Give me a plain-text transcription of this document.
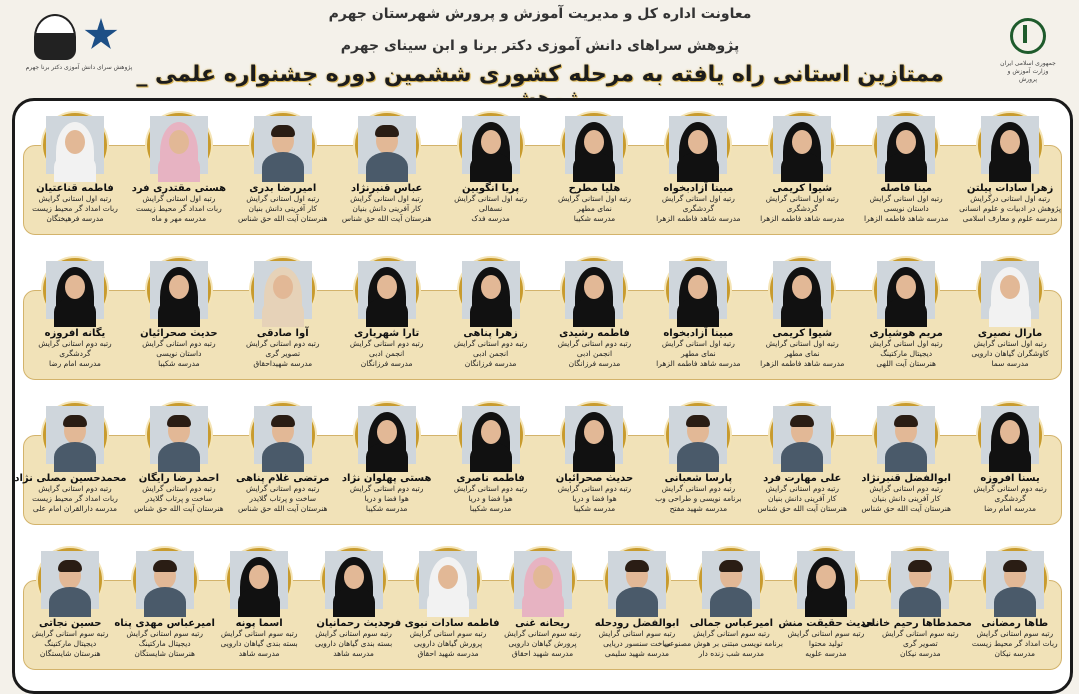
پژوهش سرای دانش آموزی دکتر برنا جهرم
معاونت اداره کل و مدیریت آموزش و پرورش شهرستان جهرم
پژوهش سراهای دانش آموزی دکتر برنا و ابن سینای جهرم
ممتازین استانی راه یافته به مرحله کشوری ششمین دوره جشنواره علمی _	جمهوری اسلامی ایران وزارت آموزش و پرورش
زهرا سادات پیلتن
رتبه اول استانی درگرایش
پژوهش در ادبیات و علوم انسانی
مدرسه علوم و معارف اسلامی
مینا فاصله
رتبه اول استانی گرایش
داستان نویسی
مدرسه شاهد فاطمه الزهرا
شیوا کریمی
رتبه اول استانی گرایش
گردشگری
مدرسه شاهد فاطمه الزهرا
مبینا آزادبخواه
رتبه اول استانی گرایش
گردشگری
مدرسه شاهد فاطمه الزهرا
هلیا مطرح
رتبه اول استانی گرایش
نمای مطهر
مدرسه شکیبا
پریا انگوبین
رتبه اول استانی گرایش
نسفالی
مدرسه فدک
عباس قنبرنژاد
رتبه اول استانی گرایش
کار آفرینی دانش بنیان
هنرستان آیت الله حق شناس
امیررضا بدری
رتبه اول استانی گرایش
کار آفرینی دانش بنیان
هنرستان آیت الله حق شناس
هستی مقتدری فرد
رتبه اول استانی گرایش
ربات امداد گر محیط زیست
مدرسه مهر و ماه
فاطمه قناعتیان
رتبه اول استانی گرایش
ربات امداد گر محیط زیست
مدرسه فرهیختگان
مارال نصیری
رتبه اول استانی گرایش
کاوشگران گیاهان دارویی
مدرسه سما
مریم هوشیاری
رتبه اول استانی گرایش
دیجیتال مارکتینگ
هنرستان آیت اللهی
شیوا کریمی
رتبه اول استانی گرایش
نمای مطهر
مدرسه شاهد فاطمه الزهرا
مبینا آزادبخواه
رتبه اول استانی گرایش
نمای مطهر
مدرسه شاهد فاطمه الزهرا
فاطمه رشیدی
رتبه دوم استانی گرایش
انجمن ادبی
مدرسه فرزانگان
زهرا پناهی
رتبه دوم استانی گرایش
انجمن ادبی
مدرسه فرزانگان
تارا شهریاری
رتبه دوم استانی گرایش
انجمن ادبی
مدرسه فرزانگان
آوا صادقی
رتبه دوم استانی گرایش
تصویر گری
مدرسه شهیداحقاق
حدیث صحرائیان
رتبه دوم استانی گرایش
داستان نویسی
مدرسه شکیبا
یگانه افروزه
رتبه دوم استانی گرایش
گردشگری
مدرسه امام رضا
یسنا افروزه
رتبه دوم استانی گرایش
گردشگری
مدرسه امام رضا
ابوالفضل قنبرنژاد
رتبه دوم استانی گرایش
کار آفرینی دانش بنیان
هنرستان آیت الله حق شناس
علی مهارت فرد
رتبه دوم استانی گرایش
کار آفرینی دانش بنیان
هنرستان آیت الله حق شناس
پارسا شعبانی
رتبه دوم استانی گرایش
برنامه نویسی و طراحی وب
مدرسه شهید مفتح
حدیث صحرائیان
رتبه دوم استانی گرایش
هوا فضا و دریا
مدرسه شکیبا
فاطمه ناصری
رتبه دوم استانی گرایش
هوا فضا و دریا
مدرسه شکیبا
هستی پهلوان نژاد
رتبه دوم استانی گرایش
هوا فضا و دریا
مدرسه شکیبا
مرتضی غلام پناهی
رتبه دوم استانی گرایش
ساخت و پرتاب گلایدر
هنرستان آیت الله حق شناس
احمد رضا رایگان
رتبه دوم استانی گرایش
ساخت و پرتاب گلایدر
هنرستان آیت الله حق شناس
محمدحسین مصلی نژاد
رتبه دوم استانی گرایش
ربات امداد گر محیط زیست
مدرسه دارالقران امام علی
طاها رمضانی
رتبه سوم استانی گرایش
ربات امداد گر محیط زیست
مدرسه نیکان
محمدطاها رحیم خانلی
رتبه سوم استانی گرایش
تصویر گری
مدرسه نیکان
حدیث حقیقت منش
رتبه سوم استانی گرایش
تولید محتوا
مدرسه علویه
امیرعباس جمالی
رتبه سوم استانی گرایش
برنامه نویسی مبتنی بر هوش مصنوعی
مدرسه شب زنده دار
ابوالفضل رودحله
رتبه سوم استانی گرایش
ساخت سنسور دریایی
مدرسه شهید سلیمی
ریحانه غنی
رتبه سوم استانی گرایش
پرورش گیاهان دارویی
مدرسه شهید احقاق
فاطمه سادات نبوی فرد
رتبه سوم استانی گرایش
پرورش گیاهان دارویی
مدرسه شهید احقاق
حدیث رحمانیان
رتبه سوم استانی گرایش
بسته بندی گیاهان دارویی
مدرسه شاهد
اسما پونه
رتبه سوم استانی گرایش
بسته بندی گیاهان دارویی
مدرسه شاهد
امیرعباس مهدی پناه
رتبه سوم استانی گرایش
دیجیتال مارکتینگ
هنرستان شایستگان
حسین نجاتی
رتبه سوم استانی گرایش
دیجیتال مارکتینگ
هنرستان شایستگان
